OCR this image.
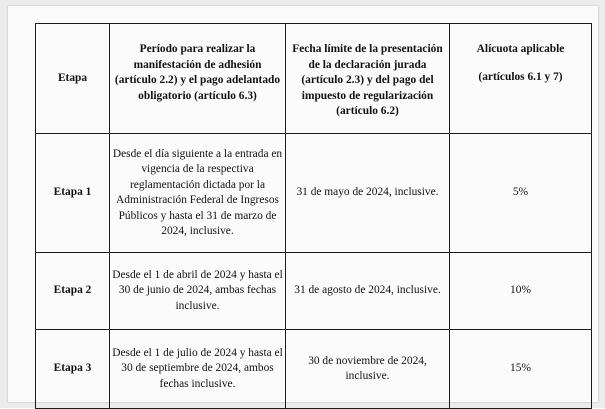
Etapa	Período para realizar la manifestación de adhesión (artículo 2.2) y el pago adelantado obligatorio (artículo 6.3)	Fecha límite de la presentación de la declaración jurada (artículo 2.3) y del pago del impuesto de regularización (artículo 6.2)	Alícuota aplicable
(artículos 6.1 y 7)

Etapa 1	Desde el día siguiente a la entrada en vigencia de la respectiva reglamentación dictada por la Administración Federal de Ingresos Públicos y hasta el 31 de marzo de 2024, inclusive.	31 de mayo de 2024, inclusive.	5%
Etapa 2	Desde el 1 de abril de 2024 y hasta el 30 de junio de 2024, ambas fechas inclusive.	31 de agosto de 2024, inclusive.	10%
Etapa 3	Desde el 1 de julio de 2024 y hasta el 30 de septiembre de 2024, ambos fechas inclusive.	30 de noviembre de 2024, inclusive.	15%
